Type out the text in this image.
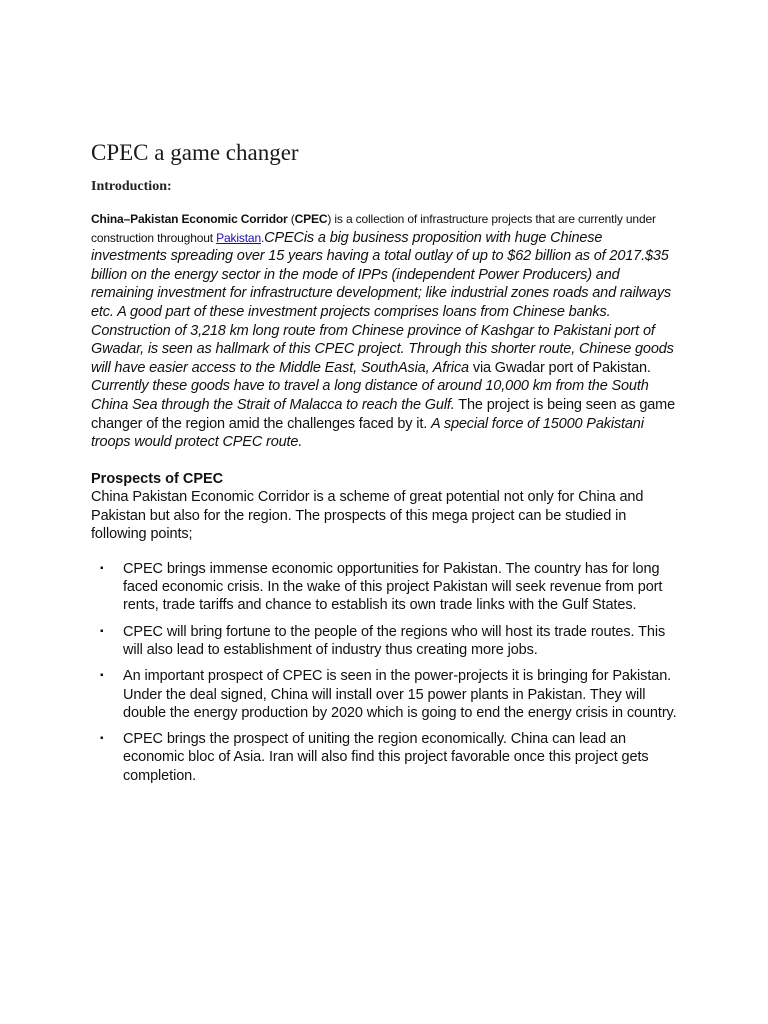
CPEC a game changer
Introduction:

China–Pakistan Economic Corridor (CPEC) is a collection of infrastructure projects that are currently under construction throughout Pakistan.CPECis a big business proposition with huge Chinese investments spreading over 15 years having a total outlay of up to $62 billion as of 2017.$35 billion on the energy sector in the mode of IPPs (independent Power Producers) and remaining investment for infrastructure development; like industrial zones roads and railways etc. A good part of these investment projects comprises loans from Chinese banks. Construction of 3,218 km long route from Chinese province of Kashgar to Pakistani port of Gwadar, is seen as hallmark of this CPEC project. Through this shorter route, Chinese goods will have easier access to the Middle East, SouthAsia, Africa via Gwadar port of Pakistan. Currently these goods have to travel a long distance of around 10,000 km from the South China Sea through the Strait of Malacca to reach the Gulf. The project is being seen as game changer of the region amid the challenges faced by it. A special force of 15000 Pakistani troops would protect CPEC route.

Prospects of CPEC

China Pakistan Economic Corridor is a scheme of great potential not only for China and Pakistan but also for the region. The prospects of this mega project can be studied in following points;

▪ CPEC brings immense economic opportunities for Pakistan. The country has for long faced economic crisis. In the wake of this project Pakistan will seek revenue from port rents, trade tariffs and chance to establish its own trade links with the Gulf States.
▪ CPEC will bring fortune to the people of the regions who will host its trade routes. This will also lead to establishment of industry thus creating more jobs.
▪ An important prospect of CPEC is seen in the power-projects it is bringing for Pakistan. Under the deal signed, China will install over 15 power plants in Pakistan. They will double the energy production by 2020 which is going to end the energy crisis in country.
▪ CPEC brings the prospect of uniting the region economically. China can lead an economic bloc of Asia. Iran will also find this project favorable once this project gets completion.
